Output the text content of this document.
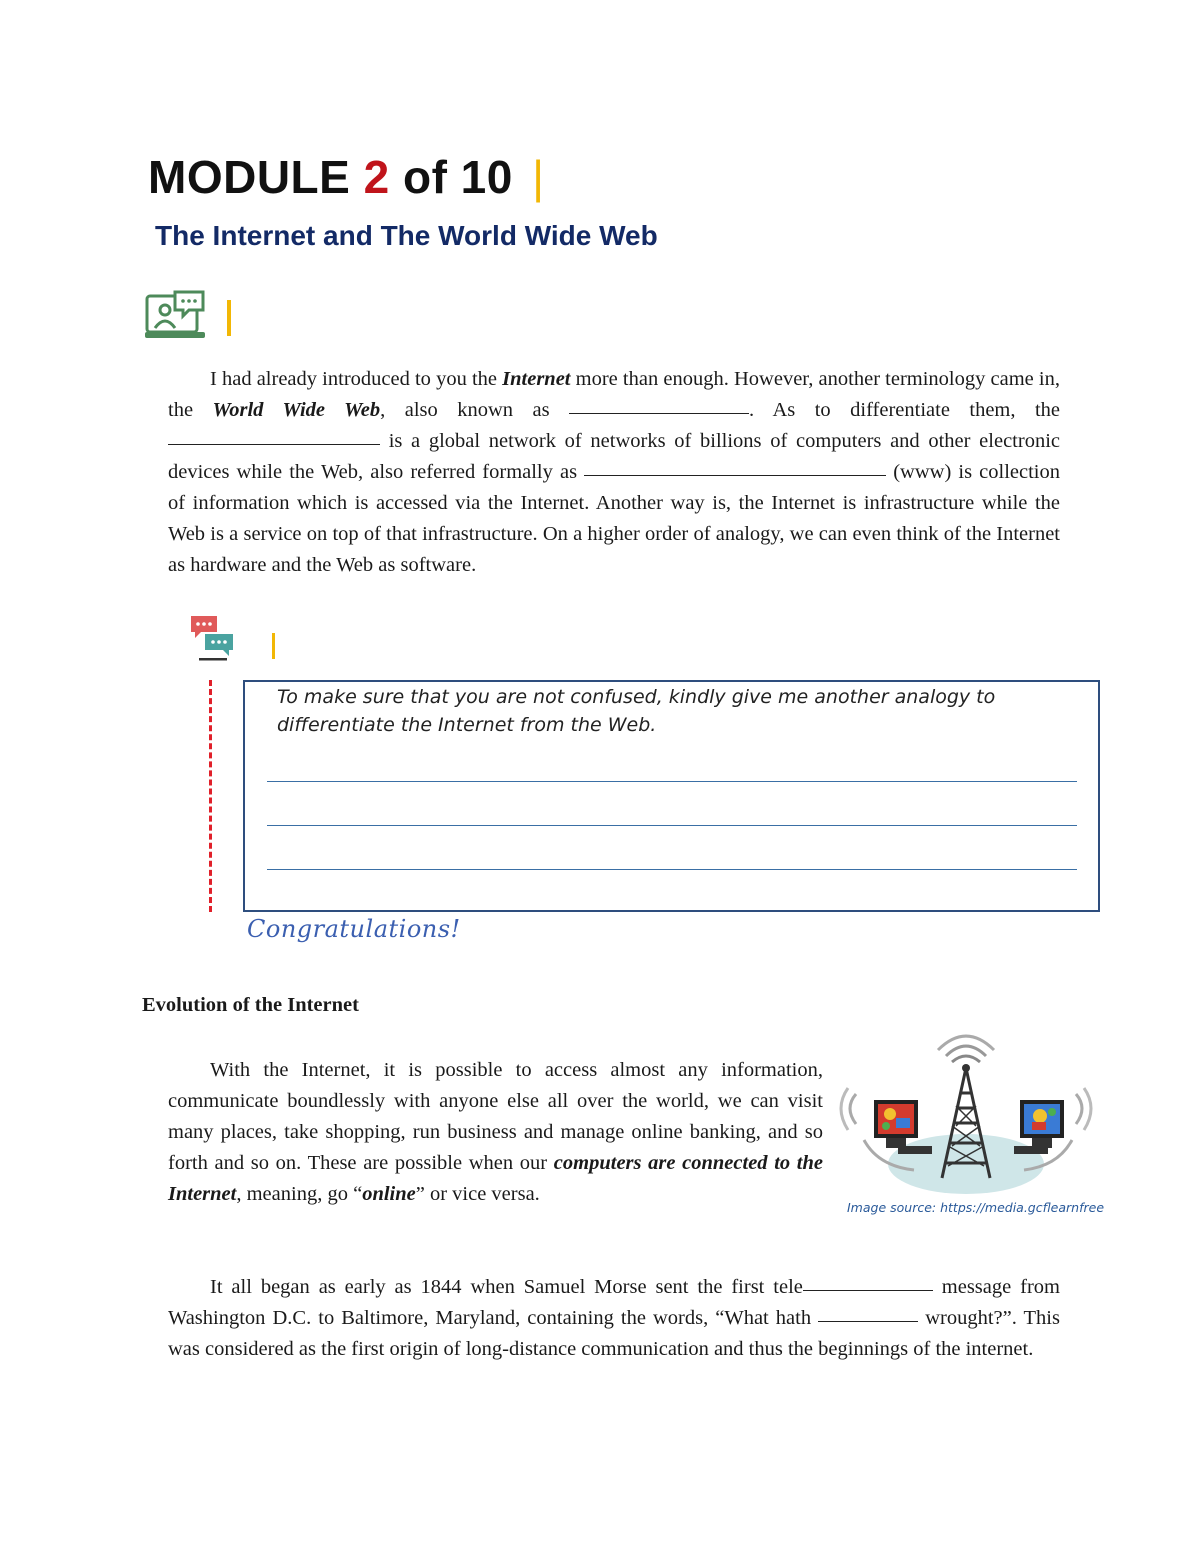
MODULE 2 of 10 |
The Internet and The World Wide Web
I had already introduced to you the Internet more than enough. However, another terminology came in, the World Wide Web, also known as	. As to differentiate them, the  is a global network of networks of billions of computers and other electronic devices while the Web, also referred formally as	(www) is collection of information which is accessed via the Internet. Another way is, the Internet is infrastructure while the Web is a service on top of that infrastructure. On a higher order of analogy, we can even think of the Internet as hardware and the Web as software.
To make sure that you are not confused, kindly give me another analogy to differentiate the Internet from the Web.
Congratulations!
Evolution of the Internet
With the Internet, it is possible to access almost any information, communicate boundlessly with anyone else all over the world, we can visit many places, take shopping, run business and manage online banking, and so forth and so on. These are possible when our computers are connected to the Internet, meaning, go “online” or vice versa.
Image source: https://media.gcflearnfree
It all began as early as 1844 when Samuel Morse sent the first tele	message from Washington D.C. to Baltimore, Maryland, containing the words, “What hath	wrought?”. This was considered as the first origin of long-distance communication and thus the beginnings of the internet.
